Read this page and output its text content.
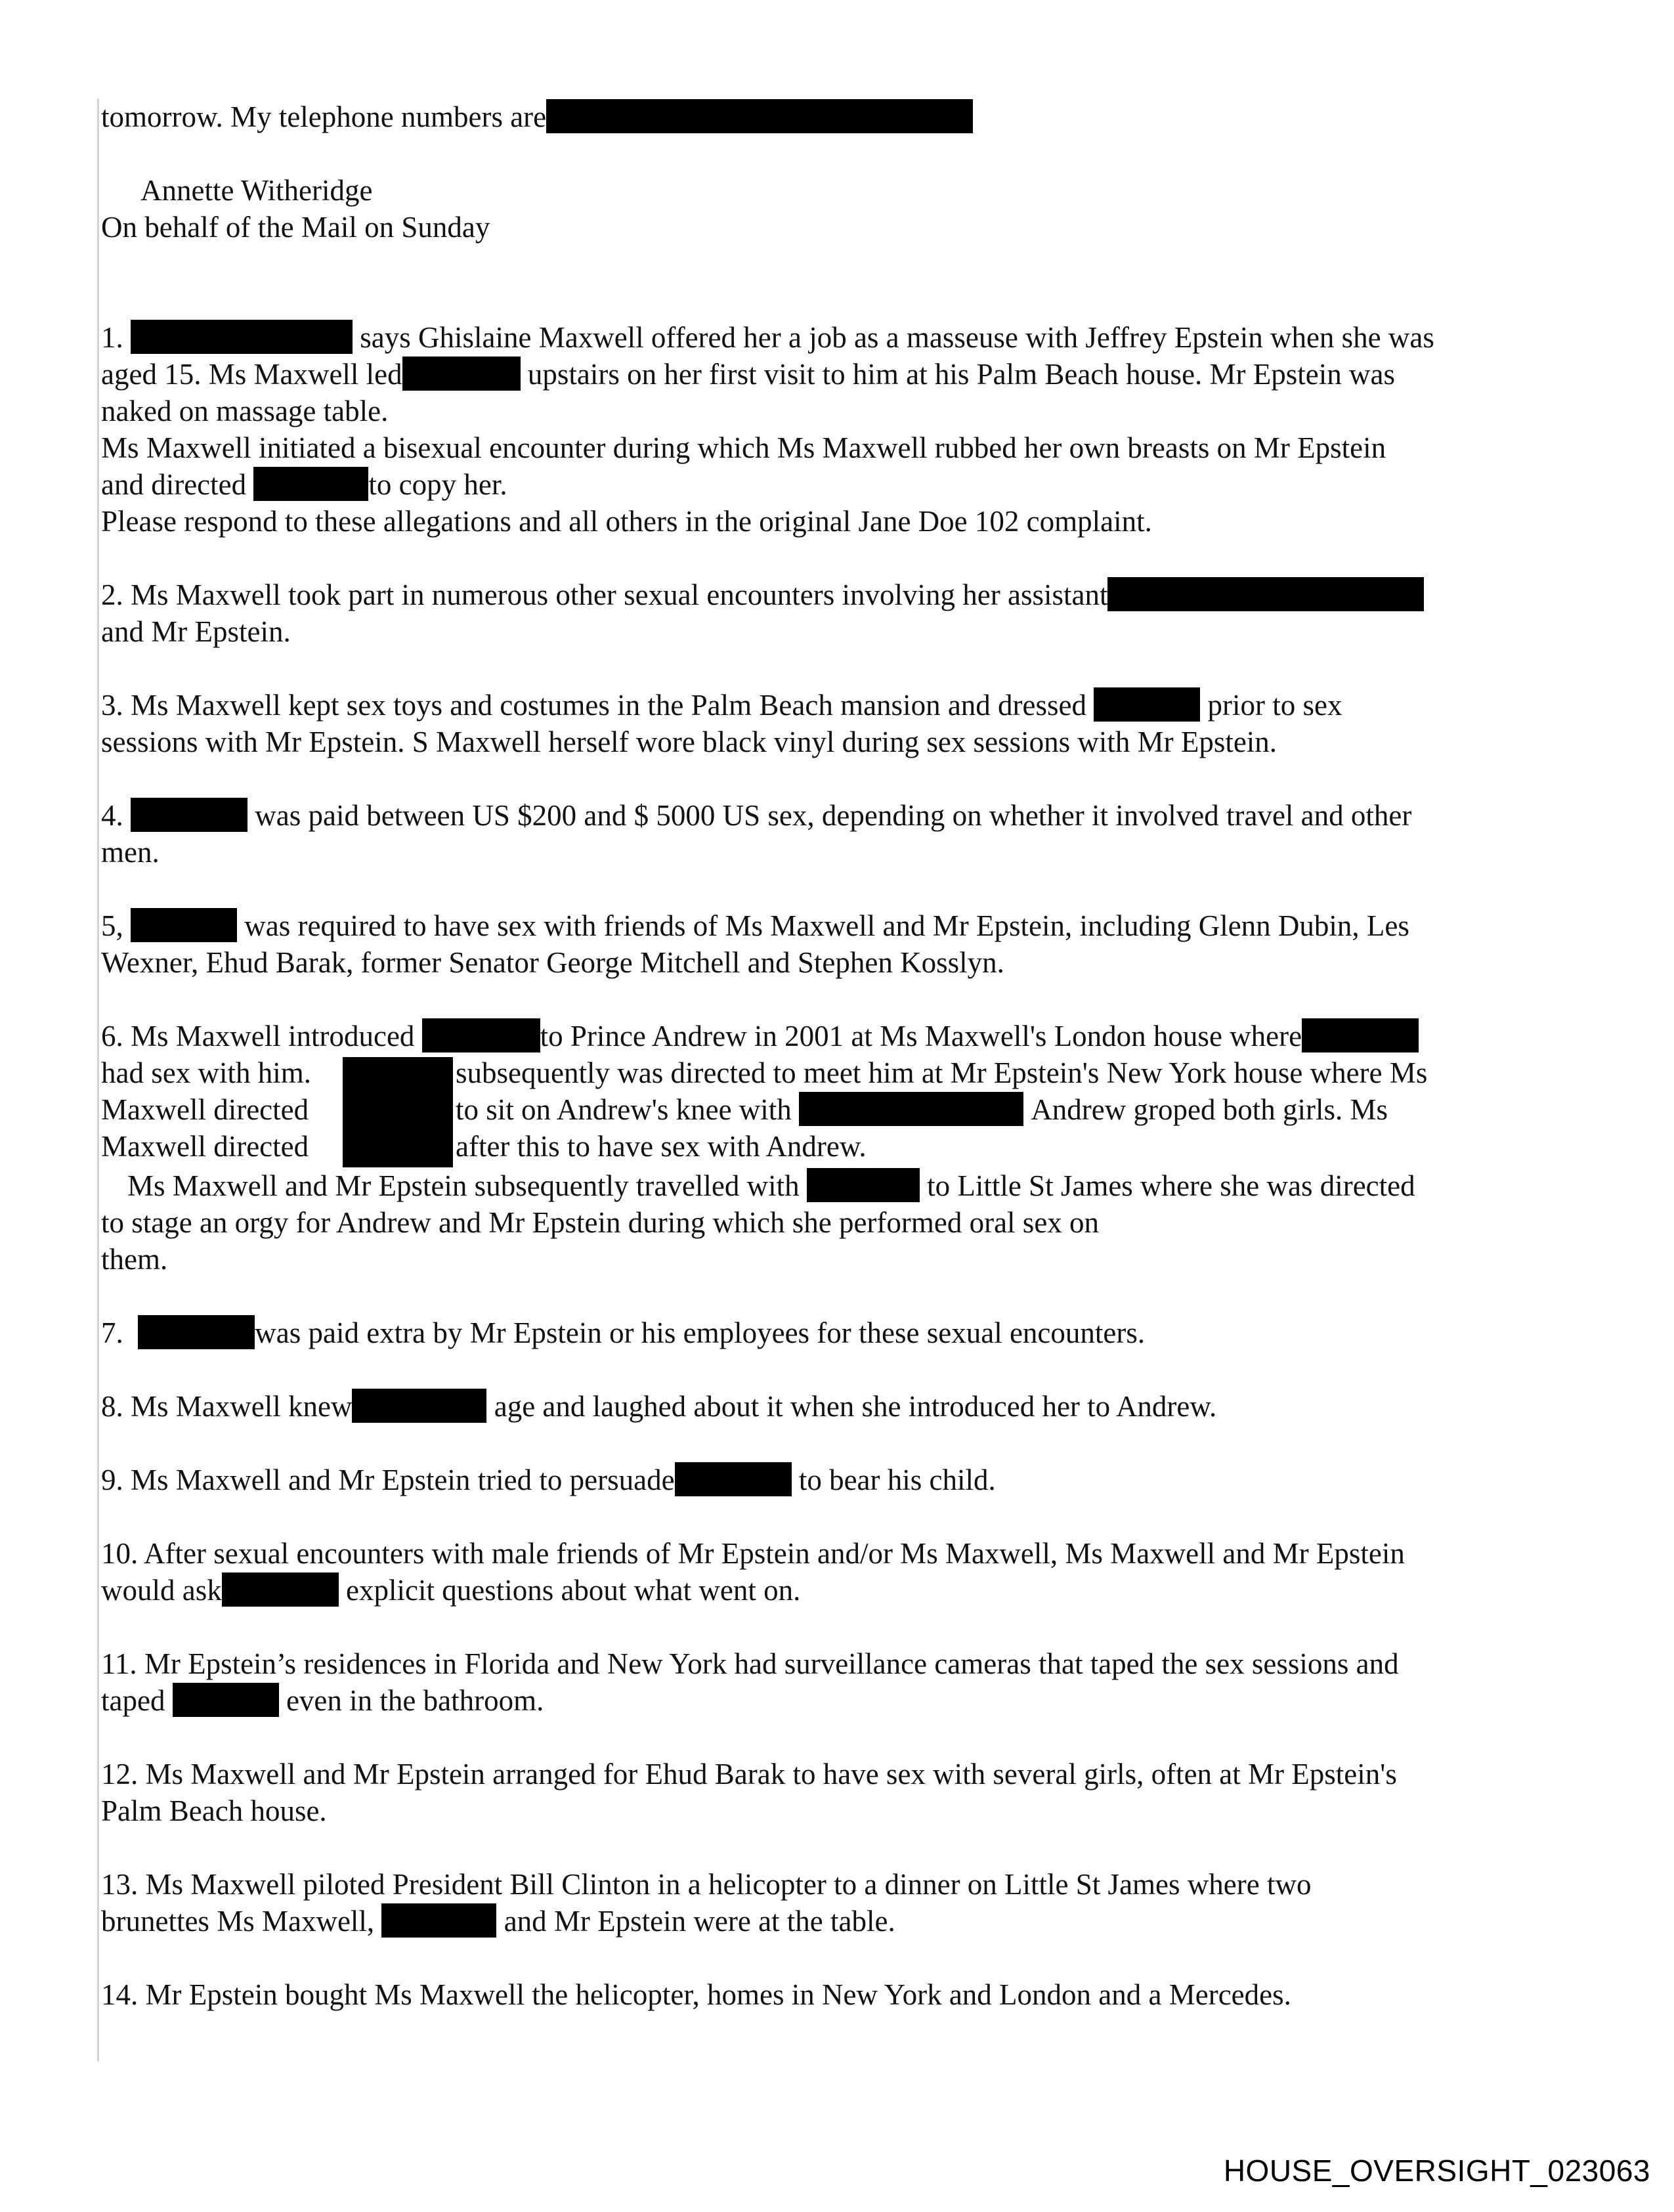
tomorrow. My telephone numbers are
Annette Witheridge
On behalf of the Mail on Sunday
1.	says Ghislaine Maxwell offered her a job as a masseuse with Jeffrey Epstein when she was
aged 15. Ms Maxwell led	upstairs on her first visit to him at his Palm Beach house. Mr Epstein was
naked on massage table.
Ms Maxwell initiated a bisexual encounter during which Ms Maxwell rubbed her own breasts on Mr Epstein
and directed	to copy her.
Please respond to these allegations and all others in the original Jane Doe 102 complaint.
2. Ms Maxwell took part in numerous other sexual encounters involving her assistant
and Mr Epstein.
3. Ms Maxwell kept sex toys and costumes in the Palm Beach mansion and dressed	prior to sex
sessions with Mr Epstein. S Maxwell herself wore black vinyl during sex sessions with Mr Epstein.
4.	was paid between US $200 and $ 5000 US sex, depending on whether it involved travel and other
men.
5,	was required to have sex with friends of Ms Maxwell and Mr Epstein, including Glenn Dubin, Les
Wexner, Ehud Barak, former Senator George Mitchell and Stephen Kosslyn.
6. Ms Maxwell introduced	to Prince Andrew in 2001 at Ms Maxwell's London house where
had sex with him.
Maxwell directed
Maxwell directed
subsequently was directed to meet him at Mr Epstein's New York house where Ms
to sit on Andrew's knee with	Andrew groped both girls. Ms
after this to have sex with Andrew.
Ms Maxwell and Mr Epstein subsequently travelled with	to Little St James where she was directed
to stage an orgy for Andrew and Mr Epstein during which she performed oral sex on
them.
7.	was paid extra by Mr Epstein or his employees for these sexual encounters.
8. Ms Maxwell knew	age and laughed about it when she introduced her to Andrew.
9. Ms Maxwell and Mr Epstein tried to persuade	to bear his child.
10. After sexual encounters with male friends of Mr Epstein and/or Ms Maxwell, Ms Maxwell and Mr Epstein
would ask	explicit questions about what went on.
11. Mr Epstein’s residences in Florida and New York had surveillance cameras that taped the sex sessions and
taped	even in the bathroom.
12. Ms Maxwell and Mr Epstein arranged for Ehud Barak to have sex with several girls, often at Mr Epstein's
Palm Beach house.
13. Ms Maxwell piloted President Bill Clinton in a helicopter to a dinner on Little St James where two
brunettes Ms Maxwell,	and Mr Epstein were at the table.
14. Mr Epstein bought Ms Maxwell the helicopter, homes in New York and London and a Mercedes.
HOUSE_OVERSIGHT_023063
